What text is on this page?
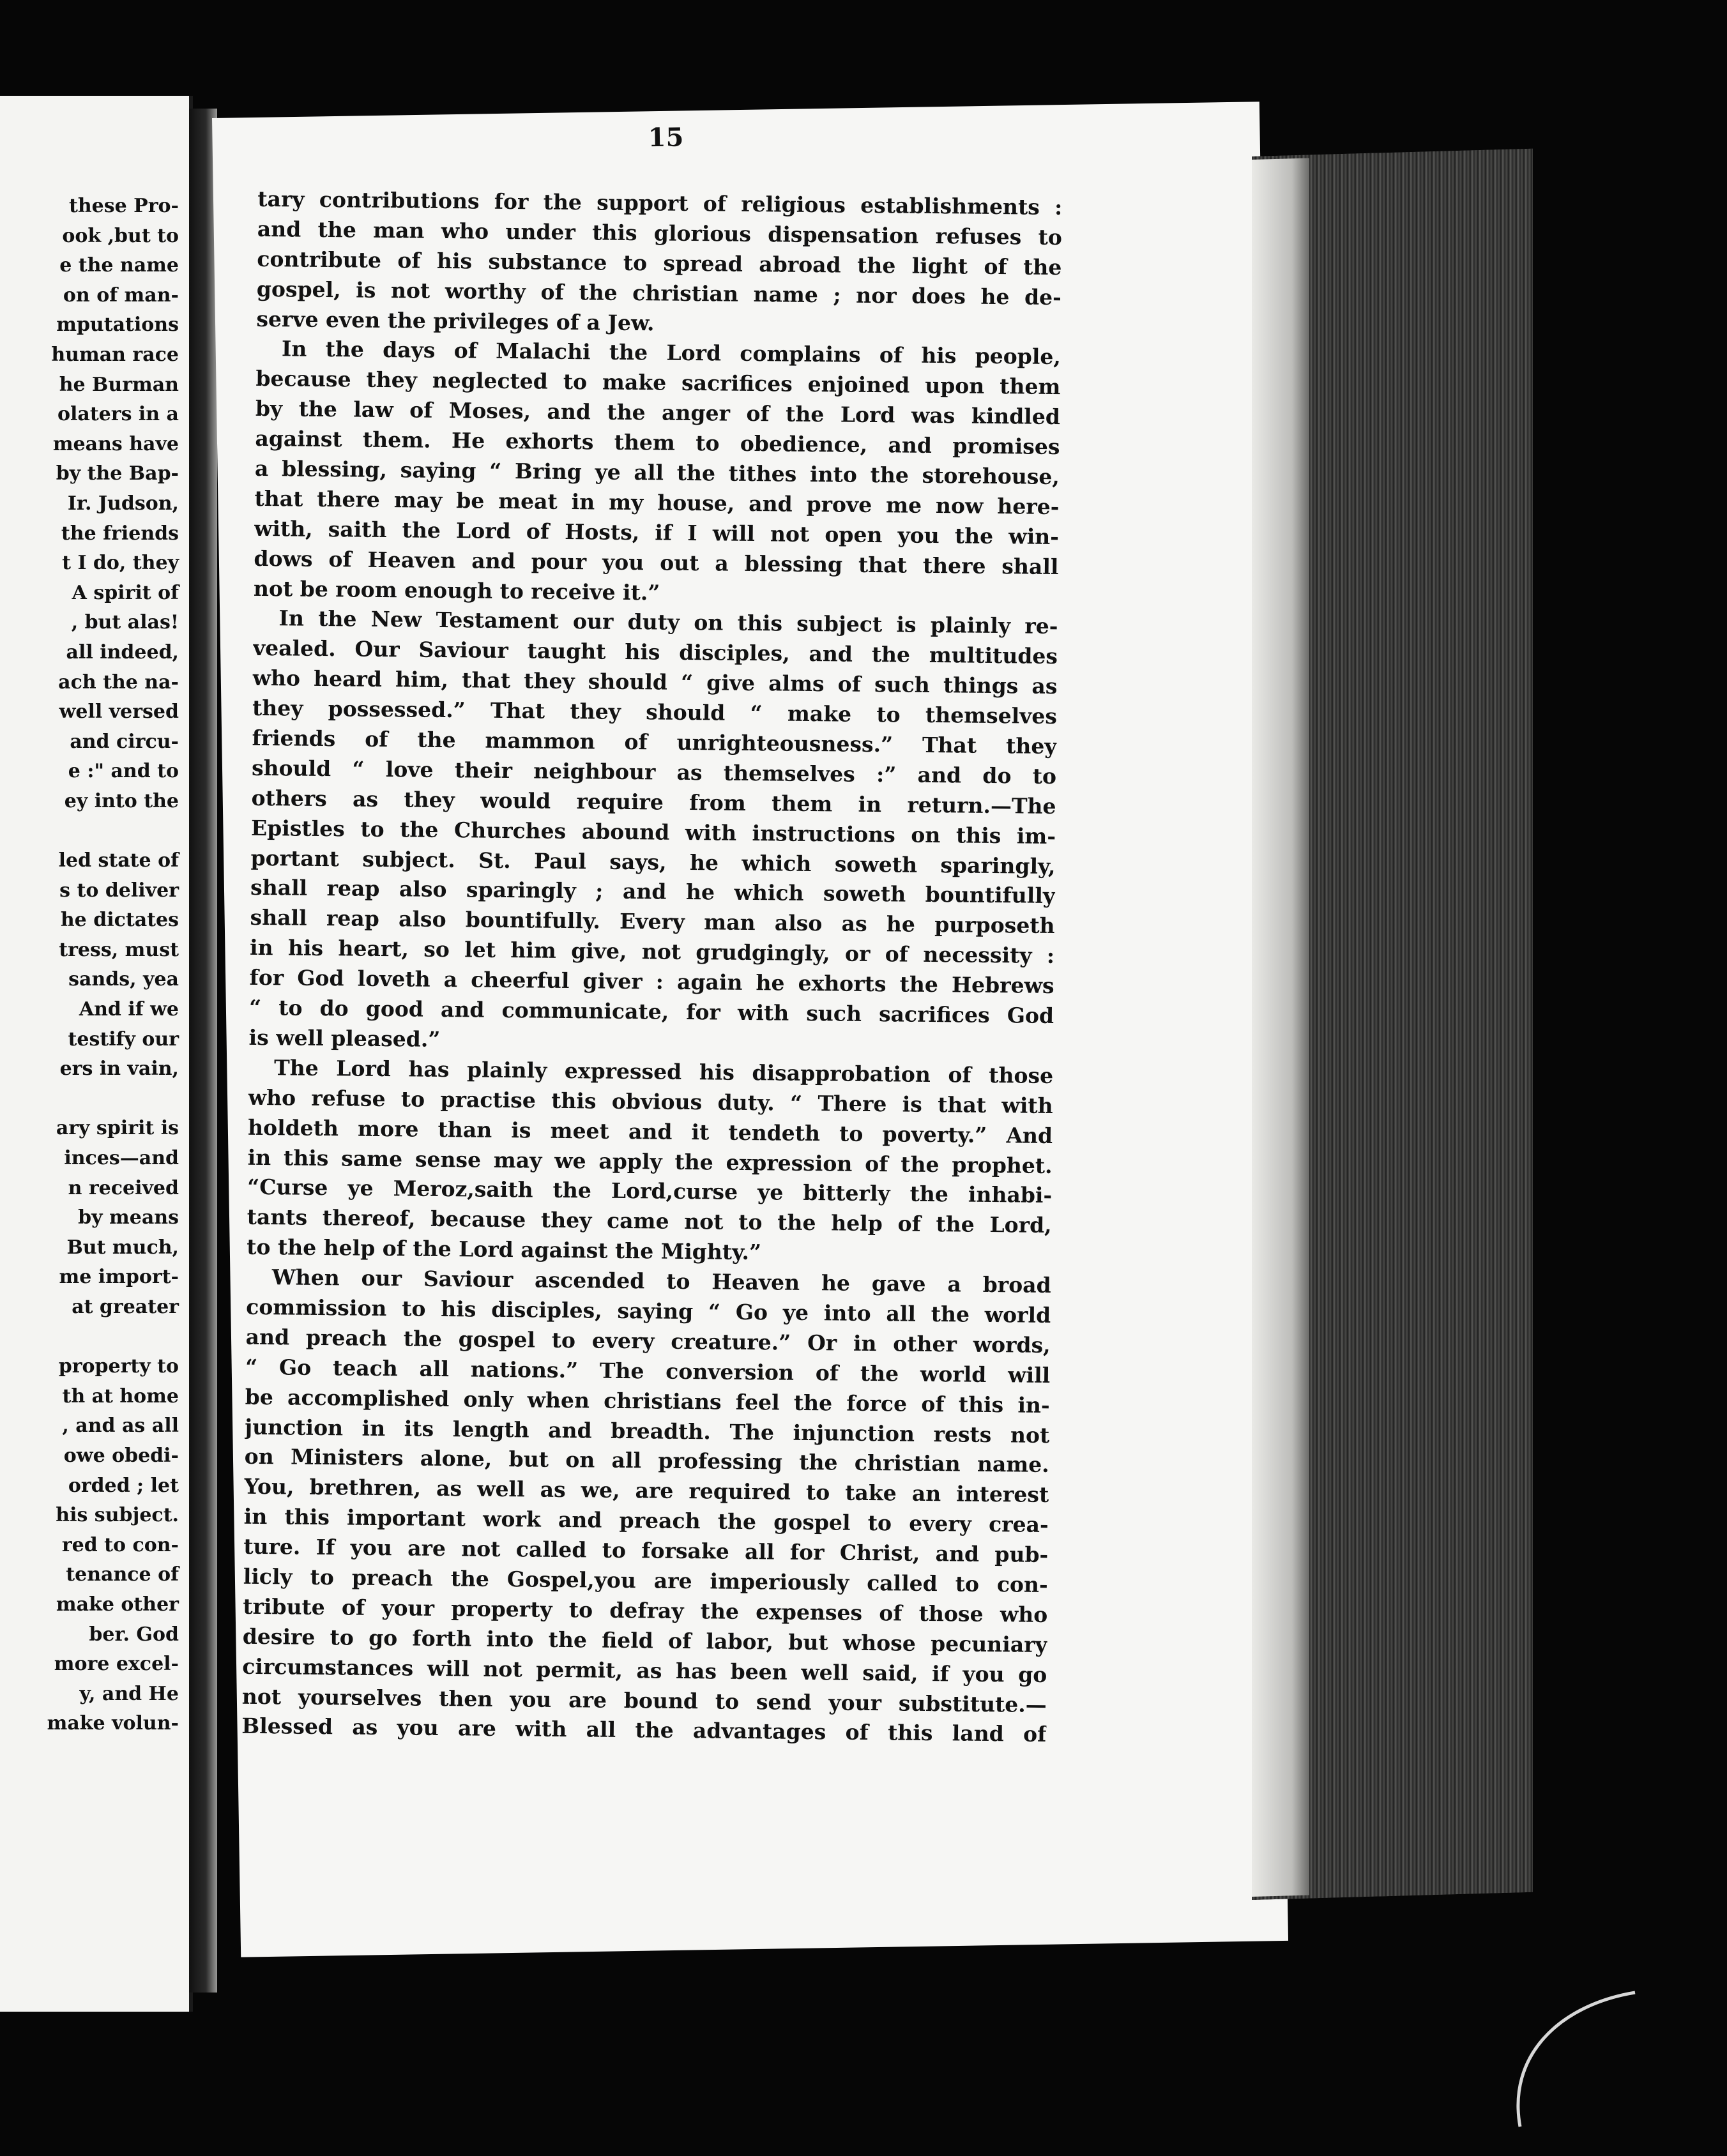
these Pro-
ook ,but to
e the name
on of man-
mputations
human race
he Burman
olaters in a
means have
by the Bap-
Ir. Judson,
the friends
t I do, they
A spirit of
, but alas!
all indeed,
ach the na-
well versed
and circu-
e :" and to
ey into the
led state of
s to deliver
he dictates
tress, must
sands, yea
And if we
testify our
ers in vain,
ary spirit is
inces—and
n received
by means
But much,
me import-
at greater
property to
th at home
, and as all
owe obedi-
orded ; let
his subject.
red to con-
tenance of
make other
ber. God
more excel-
y, and He
make volun-
15
tary contributions for the support of religious establishments :
and the man who under this glorious dispensation refuses to
contribute of his substance to spread abroad the light of the
gospel, is not worthy of the christian name ; nor does he de-
serve even the privileges of a Jew.
In the days of Malachi the Lord complains of his people,
because they neglected to make sacrifices enjoined upon them
by the law of Moses, and the anger of the Lord was kindled
against them. He exhorts them to obedience, and promises
a blessing, saying “ Bring ye all the tithes into the storehouse,
that there may be meat in my house, and prove me now here-
with, saith the Lord of Hosts, if I will not open you the win-
dows of Heaven and pour you out a blessing that there shall
not be room enough to receive it.”
In the New Testament our duty on this subject is plainly re-
vealed. Our Saviour taught his disciples, and the multitudes
who heard him, that they should “ give alms of such things as
they possessed.” That they should “ make to themselves
friends of the mammon of unrighteousness.” That they
should “ love their neighbour as themselves :” and do to
others as they would require from them in return.—The
Epistles to the Churches abound with instructions on this im-
portant subject. St. Paul says, he which soweth sparingly,
shall reap also sparingly ; and he which soweth bountifully
shall reap also bountifully. Every man also as he purposeth
in his heart, so let him give, not grudgingly, or of necessity :
for God loveth a cheerful giver : again he exhorts the Hebrews
“ to do good and communicate, for with such sacrifices God
is well pleased.”
The Lord has plainly expressed his disapprobation of those
who refuse to practise this obvious duty. “ There is that with
holdeth more than is meet and it tendeth to poverty.” And
in this same sense may we apply the expression of the prophet.
“Curse ye Meroz,saith the Lord,curse ye bitterly the inhabi-
tants thereof, because they came not to the help of the Lord,
to the help of the Lord against the Mighty.”
When our Saviour ascended to Heaven he gave a broad
commission to his disciples, saying “ Go ye into all the world
and preach the gospel to every creature.” Or in other words,
“ Go teach all nations.” The conversion of the world will
be accomplished only when christians feel the force of this in-
junction in its length and breadth. The injunction rests not
on Ministers alone, but on all professing the christian name.
You, brethren, as well as we, are required to take an interest
in this important work and preach the gospel to every crea-
ture. If you are not called to forsake all for Christ, and pub-
licly to preach the Gospel,you are imperiously called to con-
tribute of your property to defray the expenses of those who
desire to go forth into the field of labor, but whose pecuniary
circumstances will not permit, as has been well said, if you go
not yourselves then you are bound to send your substitute.—
Blessed as you are with all the advantages of this land of
